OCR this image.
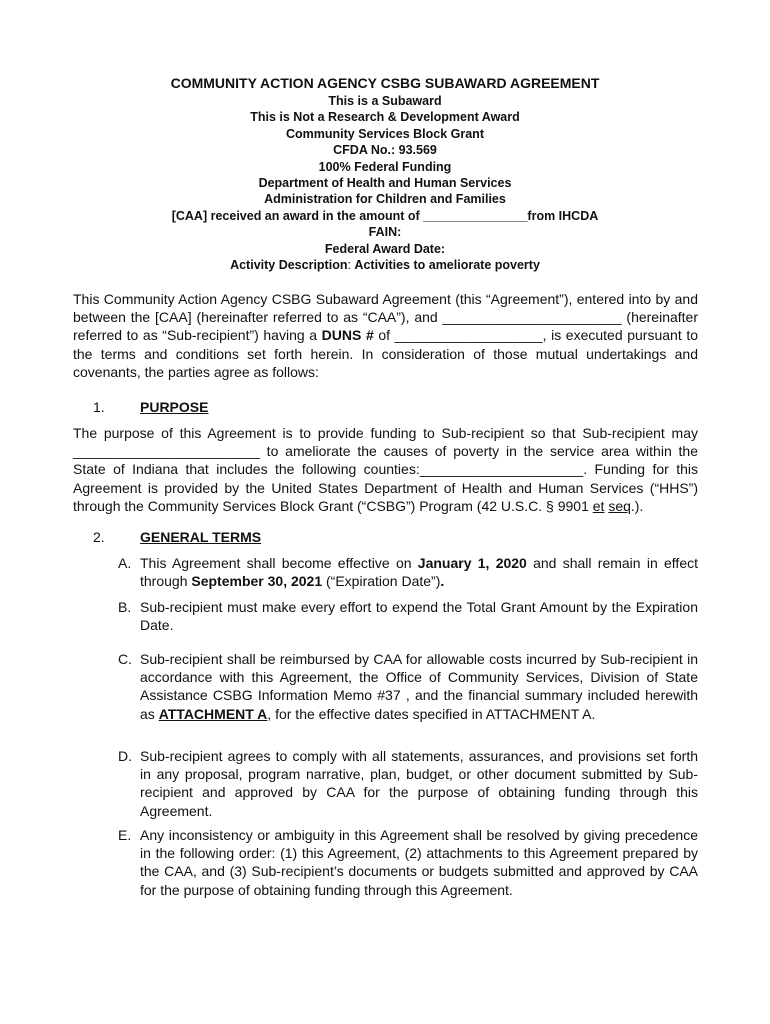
COMMUNITY ACTION AGENCY CSBG SUBAWARD AGREEMENT

This is a Subaward

This is Not a Research & Development Award

Community Services Block Grant

CFDA No.: 93.569

100% Federal Funding

Department of Health and Human Services

Administration for Children and Families

[CAA] received an award in the amount of _______________from IHCDA

FAIN:

Federal Award Date:

Activity Description: Activities to ameliorate poverty

This Community Action Agency CSBG Subaward Agreement (this “Agreement”), entered into by and between the [CAA] (hereinafter referred to as “CAA”), and _______________________ (hereinafter referred to as “Sub-recipient”) having a DUNS # of ___________________, is executed pursuant to the terms and conditions set forth herein. In consideration of those mutual undertakings and covenants, the parties agree as follows:

1.	PURPOSE

The purpose of this Agreement is to provide funding to Sub-recipient so that Sub-recipient may ________________________ to ameliorate the causes of poverty in the service area within the State of Indiana that includes the following counties:_____________________. Funding for this Agreement is provided by the United States Department of Health and Human Services (“HHS”) through the Community Services Block Grant (“CSBG”) Program (42 U.S.C. § 9901 et seq.).

2.	GENERAL TERMS
A. This Agreement shall become effective on January 1, 2020 and shall remain in effect through September 30, 2021 (“Expiration Date”).
B. Sub-recipient must make every effort to expend the Total Grant Amount by the Expiration Date.
C. Sub-recipient shall be reimbursed by CAA for allowable costs incurred by Sub-recipient in accordance with this Agreement, the Office of Community Services, Division of State Assistance CSBG Information Memo #37 , and the financial summary included herewith as ATTACHMENT A, for the effective dates specified in ATTACHMENT A.
D. Sub-recipient agrees to comply with all statements, assurances, and provisions set forth in any proposal, program narrative, plan, budget, or other document submitted by Sub-recipient and approved by CAA for the purpose of obtaining funding through this Agreement.
E. Any inconsistency or ambiguity in this Agreement shall be resolved by giving precedence in the following order: (1) this Agreement, (2) attachments to this Agreement prepared by the CAA, and (3) Sub-recipient’s documents or budgets submitted and approved by CAA for the purpose of obtaining funding through this Agreement.
